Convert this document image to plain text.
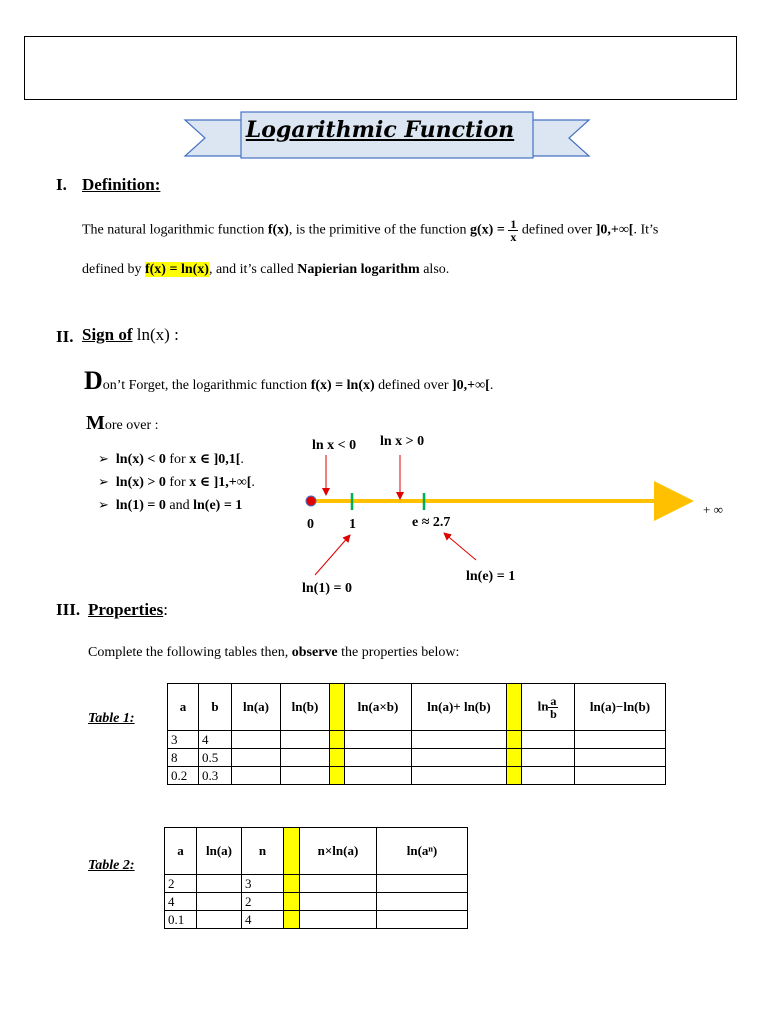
Logarithmic Function
I. Definition:
The natural logarithmic function f(x), is the primitive of the function $g(x) = \frac{1}{x}$ defined over ]0,+∞[. It’s
defined by f(x) = ln(x), and it’s called Napierian logarithm also.
II. Sign of ln(x) :
Don’t Forget, the logarithmic function f(x) = ln(x) defined over ]0,+∞[.
More over :
➢ ln(x) < 0 for x ∈ ]0,1[.
➢ ln(x) > 0 for x ∈ ]1,+∞[.
➢ ln(1) = 0 and ln(e) = 1
ln x < 0 ln x > 0
0	1	e ≈ 2.7
+ ∞
ln(1) = 0
ln(e) = 1
III. Properties:
Complete the following tables then, observe the properties below:
Table 1:
a	b	ln(a)	ln(b)		ln(a×b)	ln(a)+ ln(b)		$\ln \frac{a}{b}$	ln(a)−ln(b)
3	4								
8	0.5								
0.2	0.3								
Table 2:
a	ln(a)	n		n×ln(a)	ln(aⁿ)
2		3			
4		2			
0.1		4			
